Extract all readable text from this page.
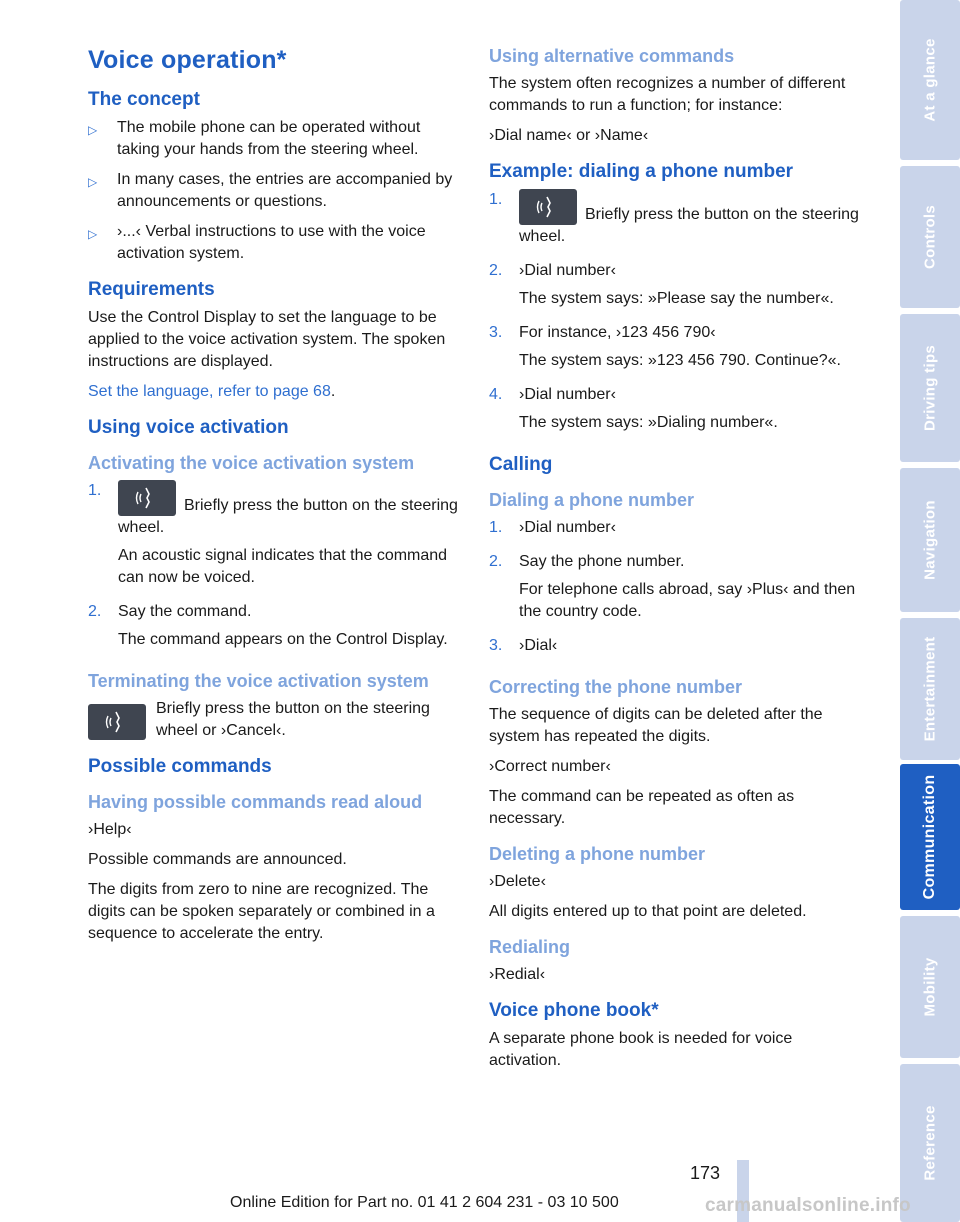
Voice operation*
The concept
▷	The mobile phone can be operated without taking your hands from the steering wheel.
▷	In many cases, the entries are accompanied by announcements or questions.
▷	›...‹ Verbal instructions to use with the voice activation system.
Requirements

Use the Control Display to set the language to be applied to the voice activation system. The spoken instructions are displayed.

Set the language, refer to page 68.

Using voice activation
Activating the voice activation system
1.

Briefly press the button on the steering wheel.

An acoustic signal indicates that the command can now be voiced.

2.	Say the command.

The command appears on the Control Display.

Terminating the voice activation system

Briefly press the button on the steering wheel or ›Cancel‹.

Possible commands
Having possible commands read aloud

›Help‹

Possible commands are announced.

The digits from zero to nine are recognized. The digits can be spoken separately or combined in a sequence to accelerate the entry.

Using alternative commands

The system often recognizes a number of different commands to run a function; for instance:

›Dial name‹ or ›Name‹

Example: dialing a phone number
1.

Briefly press the button on the steering wheel.

2.	›Dial number‹

The system says: »Please say the number«.

3.	For instance, ›123 456 790‹

The system says: »123 456 790. Continue?«.

4.	›Dial number‹

The system says: »Dialing number«.

Calling
Dialing a phone number
1.	›Dial number‹

2.	Say the phone number.

For telephone calls abroad, say ›Plus‹ and then the country code.

3.	›Dial‹

Correcting the phone number

The sequence of digits can be deleted after the system has repeated the digits.

›Correct number‹

The command can be repeated as often as necessary.

Deleting a phone number

›Delete‹

All digits entered up to that point are deleted.

Redialing

›Redial‹

Voice phone book*

A separate phone book is needed for voice activation.

At a glance
Controls
Driving tips
Navigation
Entertainment
Communication
Mobility
Reference
173
Online Edition for Part no. 01 41 2 604 231 - 03 10 500	carmanualsonline.info
